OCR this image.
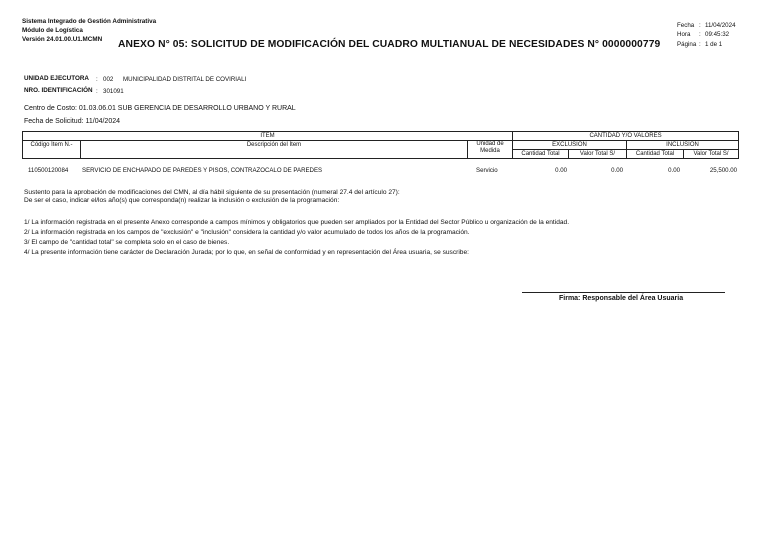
Sistema Integrado de Gestión Administrativa
Módulo de Logística
Versión 24.01.00.U1.MCMN	ANEXO N° 05: SOLICITUD DE MODIFICACIÓN DEL CUADRO MULTIANUAL DE NECESIDADES N° 0000000779
Fecha : 11/04/2024
Hora	: 09:45:32
Página : 1 de 1
UNIDAD EJECUTORA : 002 MUNICIPALIDAD DISTRITAL DE COVIRIALI
NRO. IDENTIFICACIÓN : 301091
Centro de Costo: 01.03.06.01 SUB GERENCIA DE DESARROLLO URBANO Y RURAL
Fecha de Solicitud: 11/04/2024
ITEM			CANTIDAD Y/O VALORES			
Código Ítem N.-	Descripción del Ítem	Unidad de Medida	EXCLUSIÓN		INCLUSIÓN	
			Cantidad Total	Valor Total S/	Cantidad Total	Valor Total S/
110500120084 SERVICIO DE ENCHAPADO DE PAREDES Y PISOS, CONTRAZOCALO DE PAREDES	Servicio	0.00	0.00	0.00	25,500.00
Sustento para la aprobación de modificaciones del CMN, al día hábil siguiente de su presentación (numeral 27.4 del artículo 27):
De ser el caso, indicar el/los año(s) que corresponda(n) realizar la inclusión o exclusión de la programación:
1/ La información registrada en el presente Anexo corresponde a campos mínimos y obligatorios que pueden ser ampliados por la Entidad del Sector Público u organización de la entidad.
2/ La información registrada en los campos de "exclusión" e "inclusión" considera la cantidad y/o valor acumulado de todos los años de la programación.
3/ El campo de "cantidad total" se completa solo en el caso de bienes.
4/ La presente información tiene carácter de Declaración Jurada; por lo que, en señal de conformidad y en representación del Área usuaria, se suscribe:
Firma: Responsable del Área Usuaria
